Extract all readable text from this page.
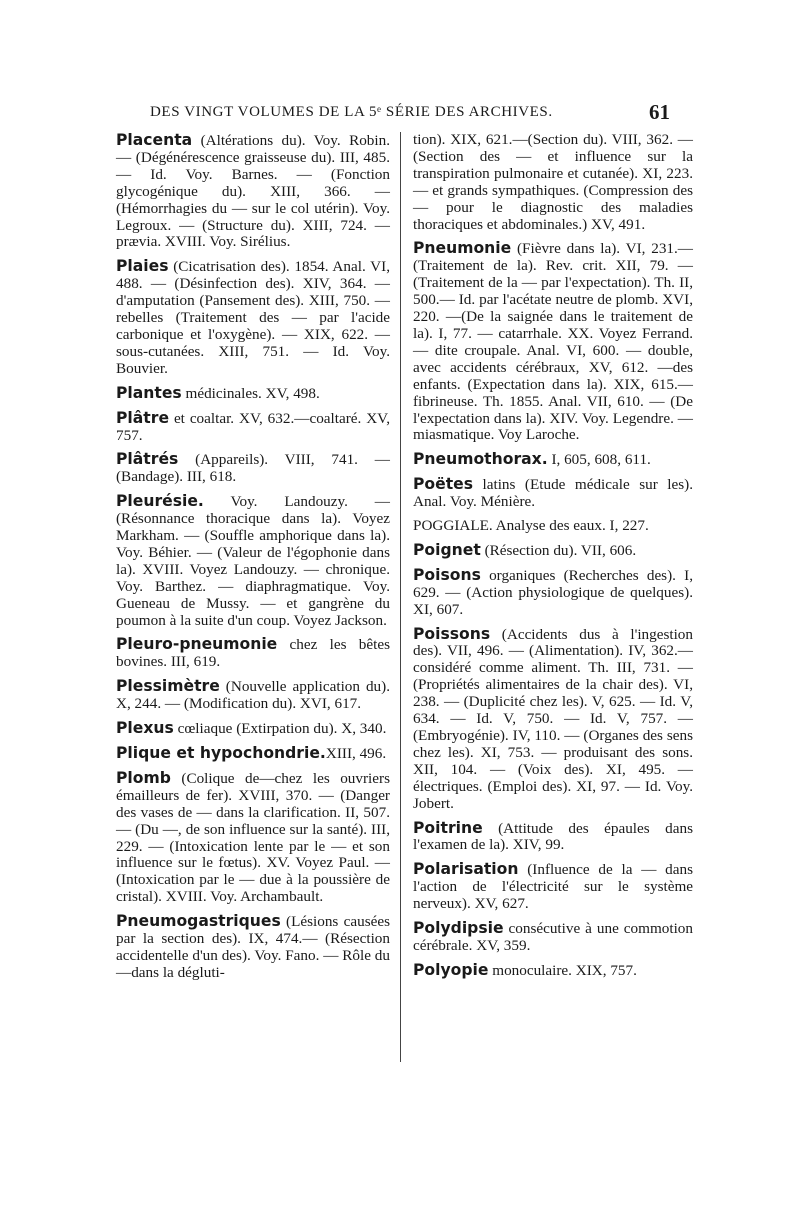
DES VINGT VOLUMES DE LA 5ᵉ SÉRIE DES ARCHIVES.	61

Placenta (Altérations du). Voy. Robin. — (Dégénérescence graisseuse du). III, 485. — Id. Voy. Barnes. — (Fonction glycogénique du). XIII, 366. — (Hémorrhagies du — sur le col utérin). Voy. Legroux. — (Structure du). XIII, 724. — prævia. XVIII. Voy. Sirélius.

Plaies (Cicatrisation des). 1854. Anal. VI, 488. — (Désinfection des). XIV, 364. — d'amputation (Pansement des). XIII, 750. — rebelles (Traitement des — par l'acide carbonique et l'oxygène). — XIX, 622. — sous-cutanées. XIII, 751. — Id. Voy. Bouvier.

Plantes médicinales. XV, 498.

Plâtre et coaltar. XV, 632.—coaltaré. XV, 757.

Plâtrés (Appareils). VIII, 741. — (Bandage). III, 618.

Pleurésie. Voy. Landouzy. — (Résonnance thoracique dans la). Voyez Markham. — (Souffle amphorique dans la). Voy. Béhier. — (Valeur de l'égophonie dans la). XVIII. Voyez Landouzy. — chronique. Voy. Barthez. — diaphragmatique. Voy. Gueneau de Mussy. — et gangrène du poumon à la suite d'un coup. Voyez Jackson.

Pleuro-pneumonie chez les bêtes bovines. III, 619.

Plessimètre (Nouvelle application du). X, 244. — (Modification du). XVI, 617.

Plexus cœliaque (Extirpation du). X, 340.

Plique et hypochondrie.XIII, 496.

Plomb (Colique de—chez les ouvriers émailleurs de fer). XVIII, 370. — (Danger des vases de — dans la clarification. II, 507. — (Du —, de son influence sur la santé). III, 229. — (Intoxication lente par le — et son influence sur le fœtus). XV. Voyez Paul. — (Intoxication par le — due à la poussière de cristal). XVIII. Voy. Archambault.

Pneumogastriques (Lésions causées par la section des). IX, 474.— (Résection accidentelle d'un des). Voy. Fano. — Rôle du—dans la dégluti-

tion). XIX, 621.—(Section du). VIII, 362. — (Section des — et influence sur la transpiration pulmonaire et cutanée). XI, 223. — et grands sympathiques. (Compression des — pour le diagnostic des maladies thoraciques et abdominales.) XV, 491.

Pneumonie (Fièvre dans la). VI, 231.— (Traitement de la). Rev. crit. XII, 79. — (Traitement de la — par l'expectation). Th. II, 500.— Id. par l'acétate neutre de plomb. XVI, 220. —(De la saignée dans le traitement de la). I, 77. — catarrhale. XX. Voyez Ferrand. — dite croupale. Anal. VI, 600. — double, avec accidents cérébraux, XV, 612. —des enfants. (Expectation dans la). XIX, 615.— fibrineuse. Th. 1855. Anal. VII, 610. — (De l'expectation dans la). XIV. Voy. Legendre. — miasmatique. Voy Laroche.

Pneumothorax. I, 605, 608, 611.

Poëtes latins (Etude médicale sur les). Anal. Voy. Ménière.

POGGIALE. Analyse des eaux. I, 227.

Poignet (Résection du). VII, 606.

Poisons organiques (Recherches des). I, 629. — (Action physiologique de quelques). XI, 607.

Poissons (Accidents dus à l'ingestion des). VII, 496. — (Alimentation). IV, 362.— considéré comme aliment. Th. III, 731. — (Propriétés alimentaires de la chair des). VI, 238. — (Duplicité chez les). V, 625. — Id. V, 634. — Id. V, 750. — Id. V, 757. — (Embryogénie). IV, 110. — (Organes des sens chez les). XI, 753. — produisant des sons. XII, 104. — (Voix des). XI, 495. — électriques. (Emploi des). XI, 97. — Id. Voy. Jobert.

Poitrine (Attitude des épaules dans l'examen de la). XIV, 99.

Polarisation (Influence de la — dans l'action de l'électricité sur le système nerveux). XV, 627.

Polydipsie consécutive à une commotion cérébrale. XV, 359.

Polyopie monoculaire. XIX, 757.
